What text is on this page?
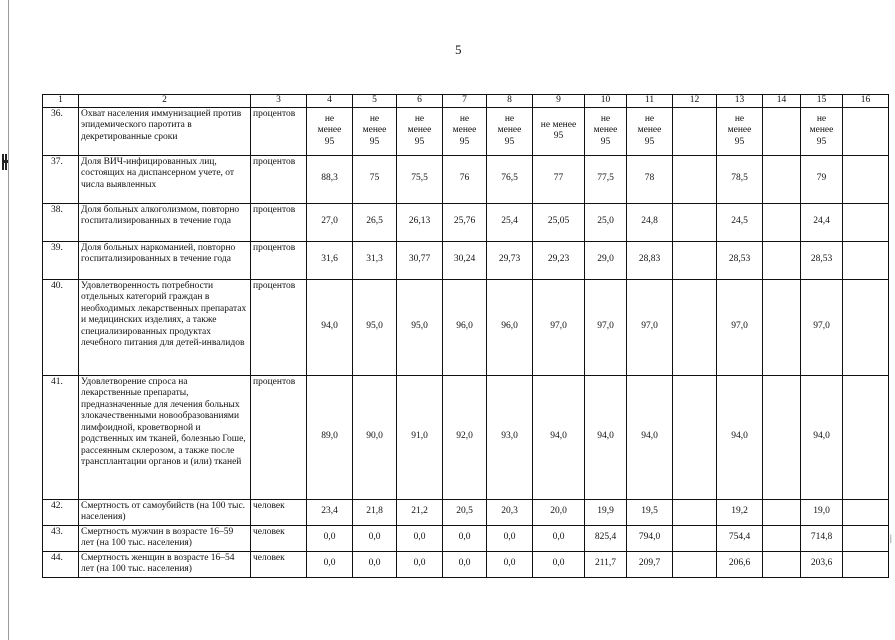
5
1	2	3	4	5	6	7	8	9	10	11	12	13	14	15	16
36.	Охват населения иммунизацией против эпидемического паротита в декретированные сроки	процентов	не
менее
95	не
менее
95	не
менее
95	не
менее
95	не
менее
95	не менее
95	не
менее
95	не
менее
95		не
менее
95		не
менее
95	
37.	Доля ВИЧ-инфицированных лиц, состоящих на диспансерном учете, от числа выявленных	процентов	88,3	75	75,5	76	76,5	77	77,5	78		78,5		79	
38.	Доля больных алкоголизмом, повторно госпитализированных в течение года	процентов	27,0	26,5	26,13	25,76	25,4	25,05	25,0	24,8		24,5		24,4	
39.	Доля больных наркоманией, повторно госпитализированных в течение года	процентов	31,6	31,3	30,77	30,24	29,73	29,23	29,0	28,83		28,53		28,53	
40.	Удовлетворенность потребности отдельных категорий граждан в необходимых лекарственных препаратах и медицинских изделиях, а также специализированных продуктах лечебного питания для детей-инвалидов	процентов	94,0	95,0	95,0	96,0	96,0	97,0	97,0	97,0		97,0		97,0	
41.	Удовлетворение спроса на лекарственные препараты, предназначенные для лечения больных злокачественными новообразованиями лимфоидной, кроветворной и родственных им тканей, болезнью Гоше, рассеянным склерозом, а также после трансплантации органов и (или) тканей	процентов	89,0	90,0	91,0	92,0	93,0	94,0	94,0	94,0		94,0		94,0	
42.	Смертность от самоубийств (на 100 тыс. населения)	человек	23,4	21,8	21,2	20,5	20,3	20,0	19,9	19,5		19,2		19,0	
43.	Смертность мужчин в возрасте 16–59 лет (на 100 тыс. населения)	человек	0,0	0,0	0,0	0,0	0,0	0,0	825,4	794,0		754,4		714,8	
44.	Смертность женщин в возрасте 16–54 лет (на 100 тыс. населения)	человек	0,0	0,0	0,0	0,0	0,0	0,0	211,7	209,7		206,6		203,6	
|
